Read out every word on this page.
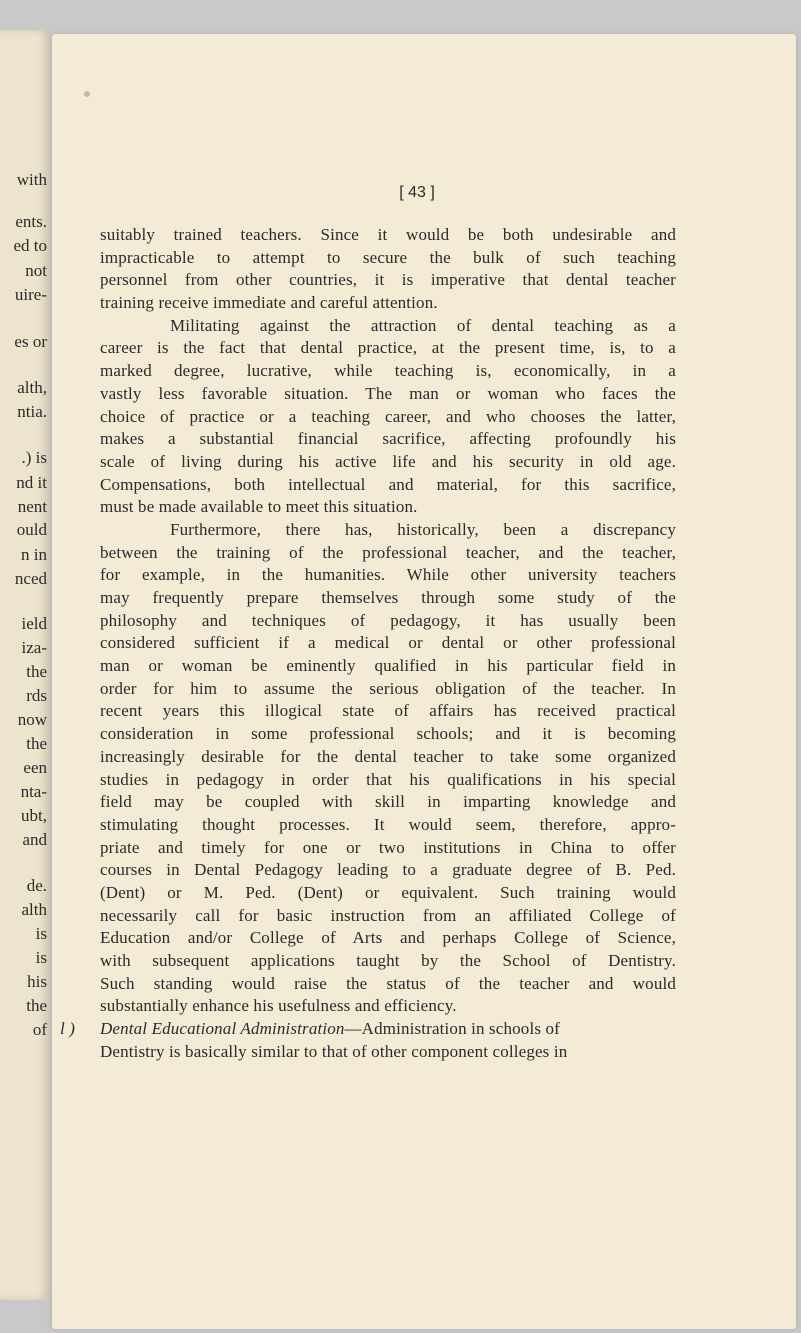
with
ents.
ed to
not
uire-
es or
alth,
ntia.
.) is
nd it
nent
ould
n in
nced
ield
iza-
the
rds
now
the
een
nta-
ubt,
and
de.
alth
is
is
his
the
of
[ 43 ]
suitably trained teachers. Since it would be both undesirable and
impracticable to attempt to secure the bulk of such teaching
personnel from other countries, it is imperative that dental teacher
training receive immediate and careful attention.
Militating against the attraction of dental teaching as a
career is the fact that dental practice, at the present time, is, to a
marked degree, lucrative, while teaching is, economically, in a
vastly less favorable situation. The man or woman who faces the
choice of practice or a teaching career, and who chooses the latter,
makes a substantial financial sacrifice, affecting profoundly his
scale of living during his active life and his security in old age.
Compensations, both intellectual and material, for this sacrifice,
must be made available to meet this situation.
Furthermore, there has, historically, been a discrepancy
between the training of the professional teacher, and the teacher,
for example, in the humanities. While other university teachers
may frequently prepare themselves through some study of the
philosophy and techniques of pedagogy, it has usually been
considered sufficient if a medical or dental or other professional
man or woman be eminently qualified in his particular field in
order for him to assume the serious obligation of the teacher. In
recent years this illogical state of affairs has received practical
consideration in some professional schools; and it is becoming
increasingly desirable for the dental teacher to take some organized
studies in pedagogy in order that his qualifications in his special
field may be coupled with skill in imparting knowledge and
stimulating thought processes. It would seem, therefore, appro-
priate and timely for one or two institutions in China to offer
courses in Dental Pedagogy leading to a graduate degree of B. Ped.
(Dent) or M. Ped. (Dent) or equivalent. Such training would
necessarily call for basic instruction from an affiliated College of
Education and/or College of Arts and perhaps College of Science,
with subsequent applications taught by the School of Dentistry.
Such standing would raise the status of the teacher and would
substantially enhance his usefulness and efficiency.
l ) Dental Educational Administration—Administration in schools of
Dentistry is basically similar to that of other component colleges in
